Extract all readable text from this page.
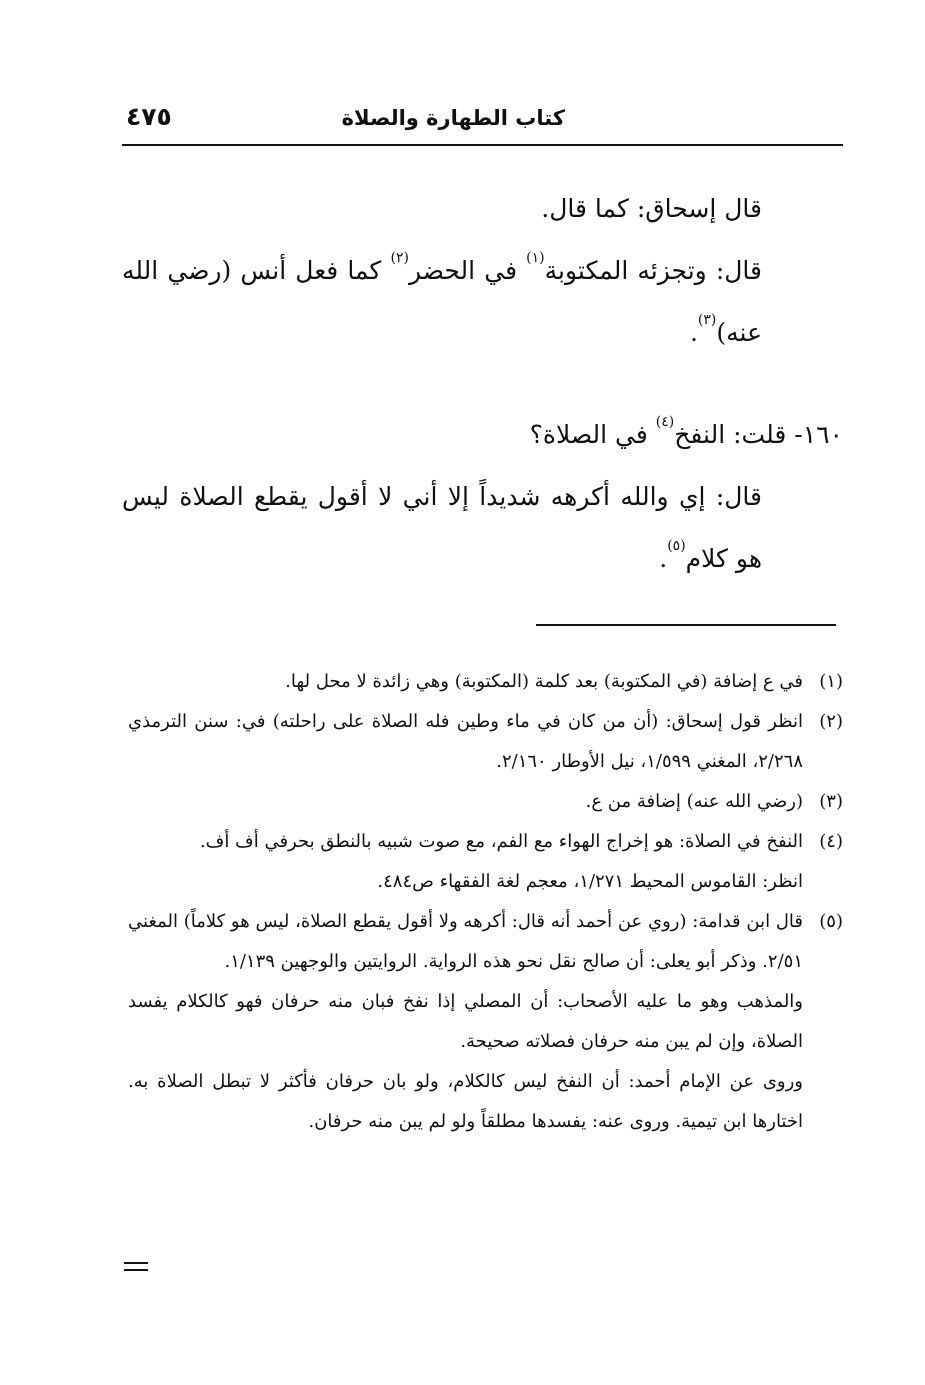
كتاب الطهارة والصلاة
٤٧٥

قال إسحاق: كما قال.

قال: وتجزئه المكتوبة$^{(١)}$ في الحضر$^{(٢)}$ كما فعل أنس (رضي الله عنه)$^{(٣)}$.

١٦٠- قلت: النفخ$^{(٤)}$ في الصلاة؟

قال: إي والله أكرهه شديداً إلا أني لا أقول يقطع الصلاة ليس هو كلام$^{(٥)}$.

(١)
في ع إضافة (في المكتوبة) بعد كلمة (المكتوبة) وهي زائدة لا محل لها.
(٢)
انظر قول إسحاق: (أن من كان في ماء وطين فله الصلاة على راحلته) في: سنن الترمذي ٢/٢٦٨، المغني ١/٥٩٩، نيل الأوطار ٢/١٦٠.
(٣)
(رضي الله عنه) إضافة من ع.
(٤)
النفخ في الصلاة: هو إخراج الهواء مع الفم، مع صوت شبيه بالنطق بحرفي أف أف.
انظر: القاموس المحيط ١/٢٧١، معجم لغة الفقهاء ص٤٨٤.
(٥)
قال ابن قدامة: (روي عن أحمد أنه قال: أكرهه ولا أقول يقطع الصلاة، ليس هو كلاماً) المغني ٢/٥١. وذكر أبو يعلى: أن صالح نقل نحو هذه الرواية. الروايتين والوجهين ١/١٣٩.

والمذهب وهو ما عليه الأصحاب: أن المصلي إذا نفخ فبان منه حرفان فهو كالكلام يفسد الصلاة، وإن لم يبن منه حرفان فصلاته صحيحة.

وروى عن الإمام أحمد: أن النفخ ليس كالكلام، ولو بان حرفان فأكثر لا تبطل الصلاة به. اختارها ابن تيمية. وروى عنه: يفسدها مطلقاً ولو لم يبن منه حرفان.
